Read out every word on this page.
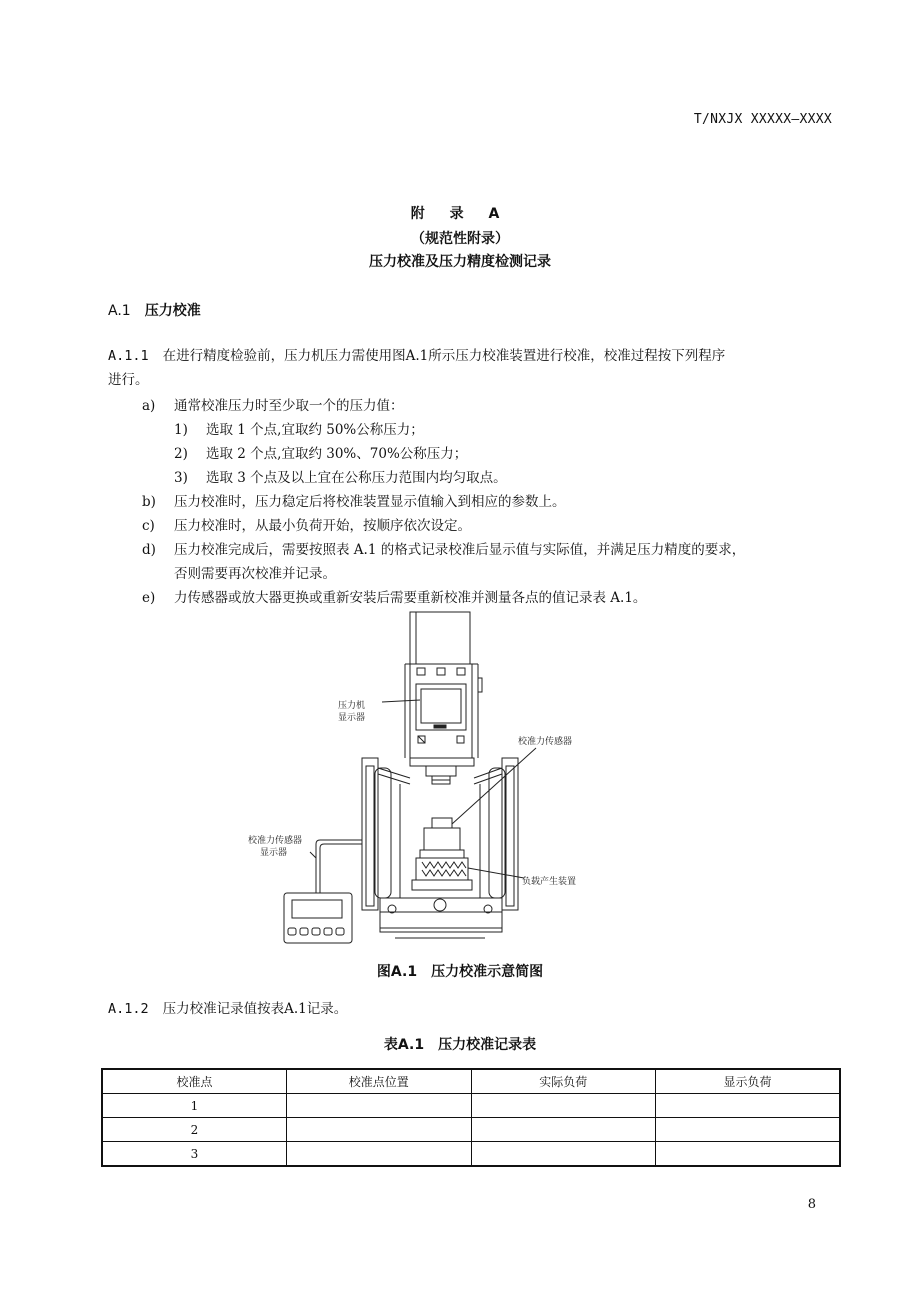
T/NXJX XXXXX—XXXX
附 录 A
（规范性附录）
压力校准及压力精度检测记录
A.1 压力校准
A.1.1 在进行精度检验前，压力机压力需使用图A.1所示压力校准装置进行校准，校准过程按下列程序
进行。
a) 通常校准压力时至少取一个的压力值：
1) 选取 1 个点,宜取约 50%公称压力；
2) 选取 2 个点,宜取约 30%、70%公称压力；
3) 选取 3 个点及以上宜在公称压力范围内均匀取点。
b) 压力校准时，压力稳定后将校准装置显示值输入到相应的参数上。
c) 压力校准时，从最小负荷开始，按顺序依次设定。
d) 压力校准完成后，需要按照表 A.1 的格式记录校准后显示值与实际值，并满足压力精度的要求，
否则需要再次校准并记录。
e) 力传感器或放大器更换或重新安装后需要重新校准并测量各点的值记录表 A.1。
压力机
显示器
校准力传感器
校准力传感器
显示器
负载产生装置
图A.1　压力校准示意简图
A.1.2 压力校准记录值按表A.1记录。
表A.1　压力校准记录表
校准点	校准点位置	实际负荷	显示负荷
1			
2			
3			
8
